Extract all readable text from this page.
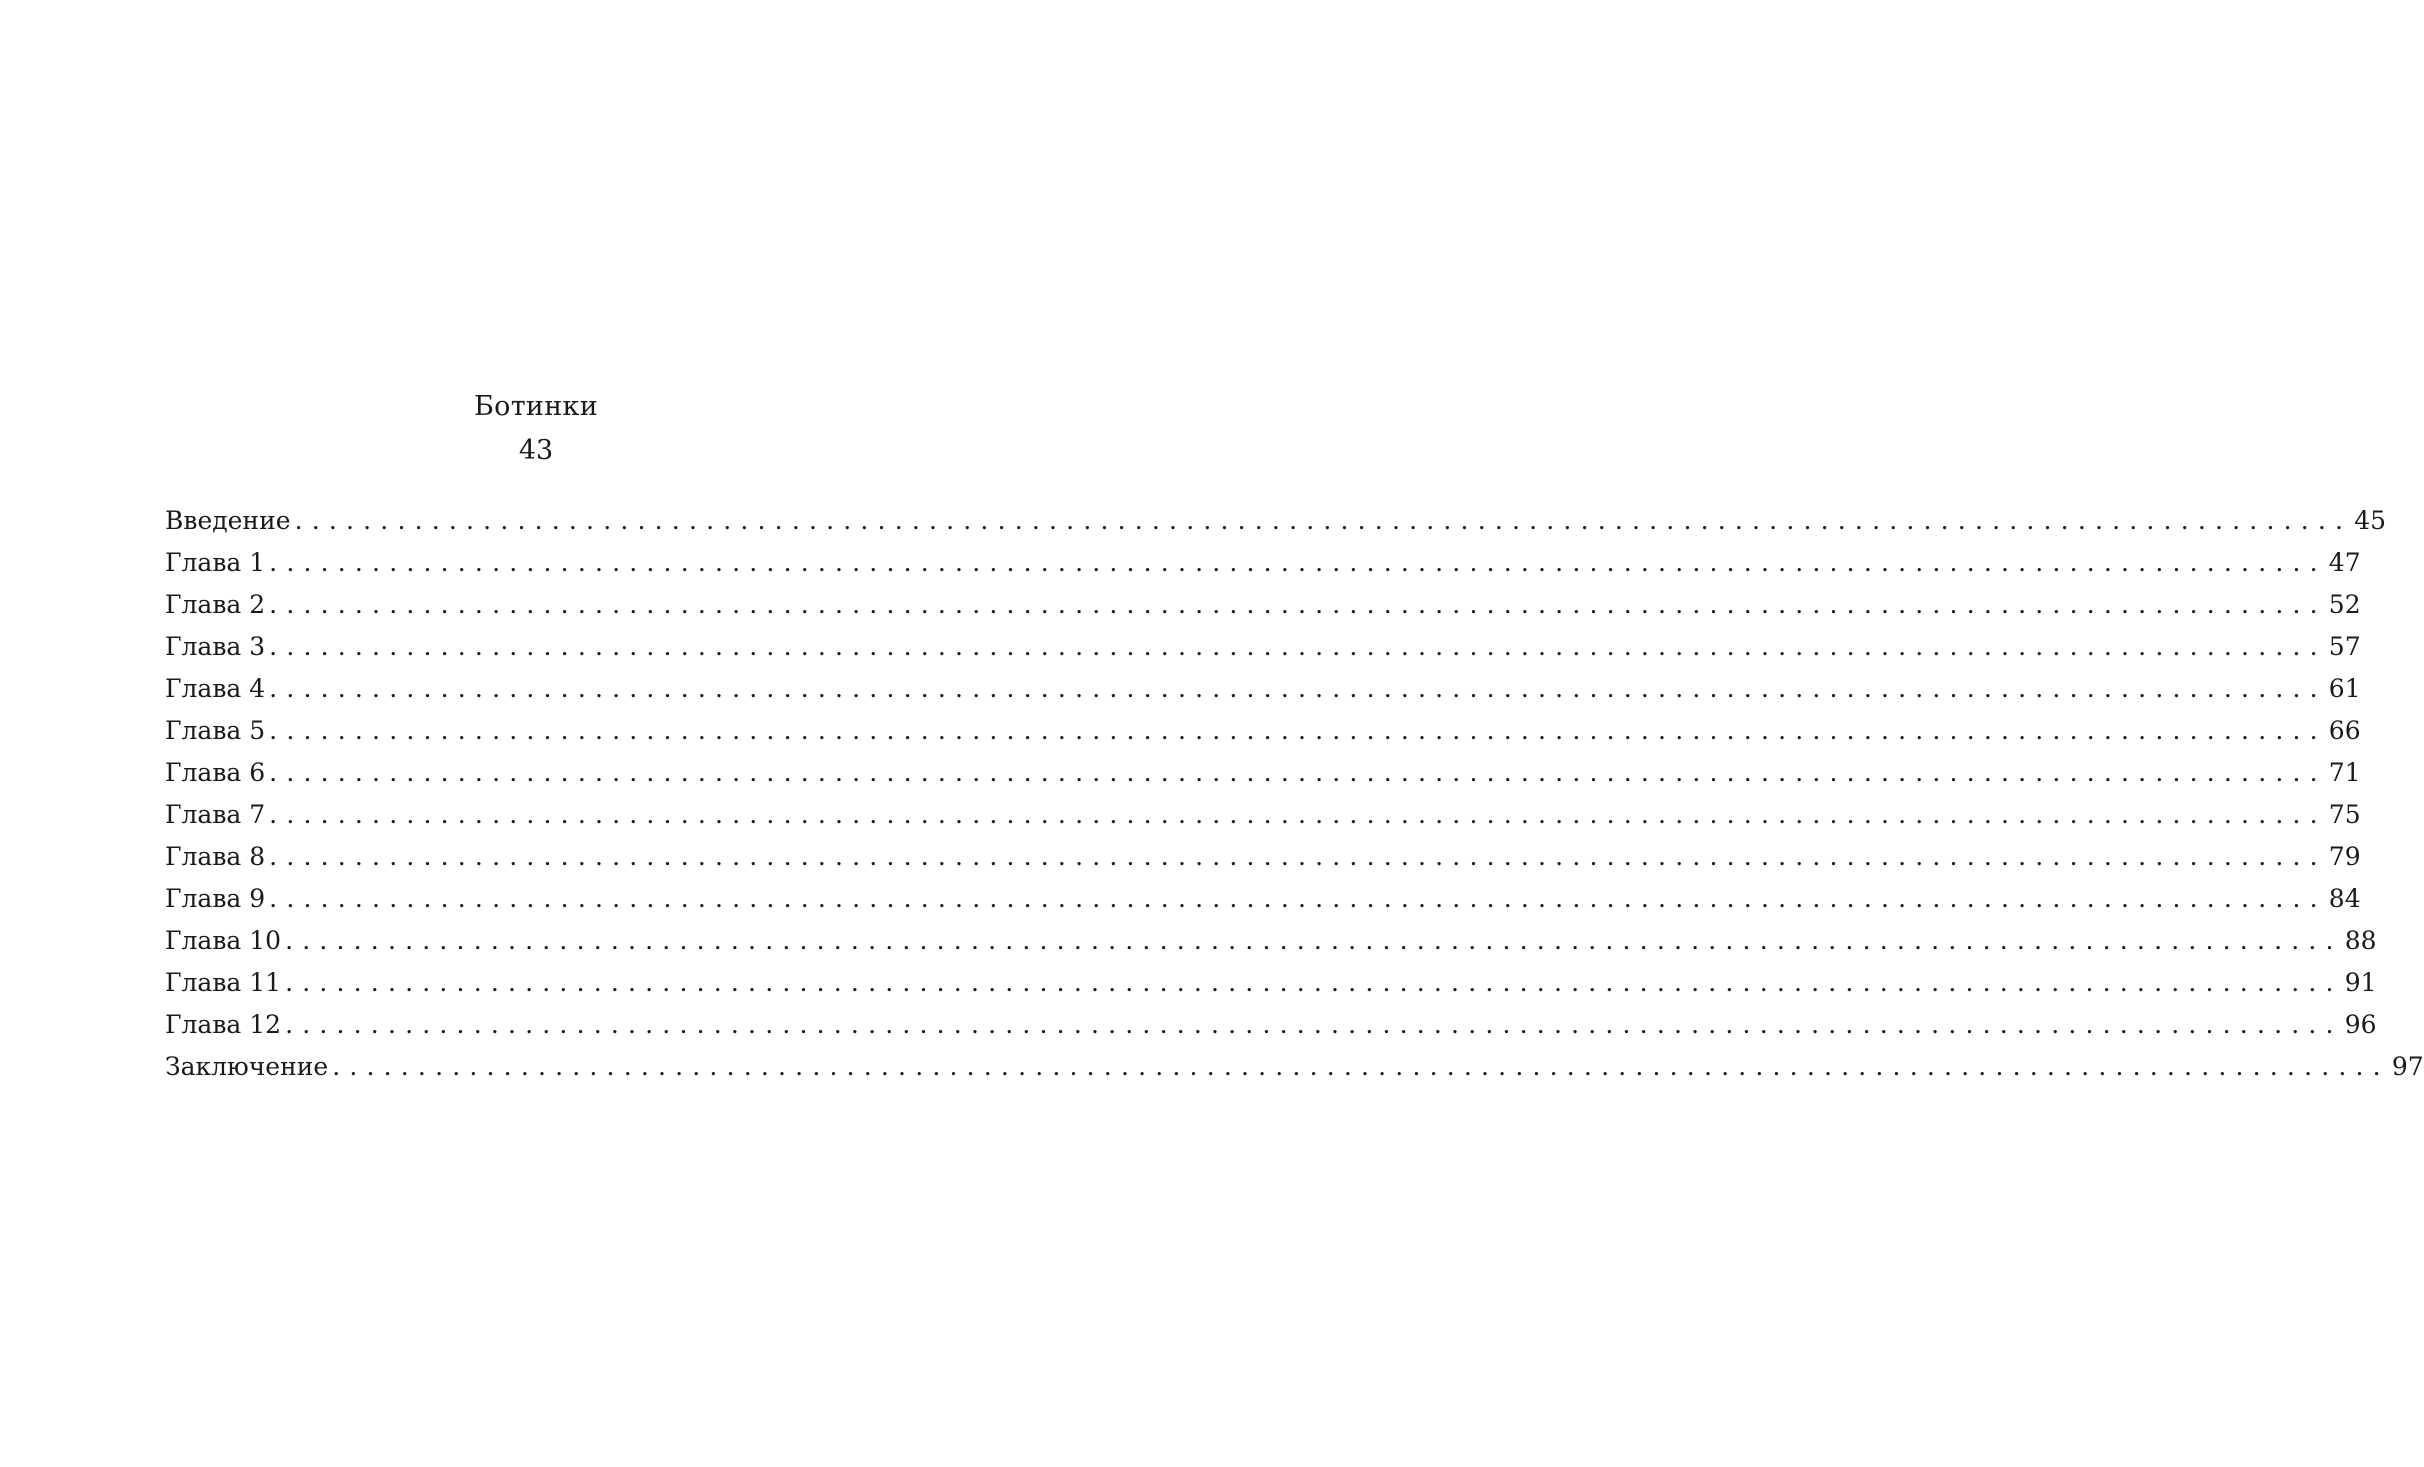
Ботинки
43
Введение ........................................................................................................................ 45
Глава 1 ........................................................................................................................ 47
Глава 2 ........................................................................................................................ 52
Глава 3 ........................................................................................................................ 57
Глава 4 ........................................................................................................................ 61
Глава 5 ........................................................................................................................ 66
Глава 6 ........................................................................................................................ 71
Глава 7 ........................................................................................................................ 75
Глава 8 ........................................................................................................................ 79
Глава 9 ........................................................................................................................ 84
Глава 10 ........................................................................................................................ 88
Глава 11 ........................................................................................................................ 91
Глава 12 ........................................................................................................................ 96
Заключение ........................................................................................................................ 97
